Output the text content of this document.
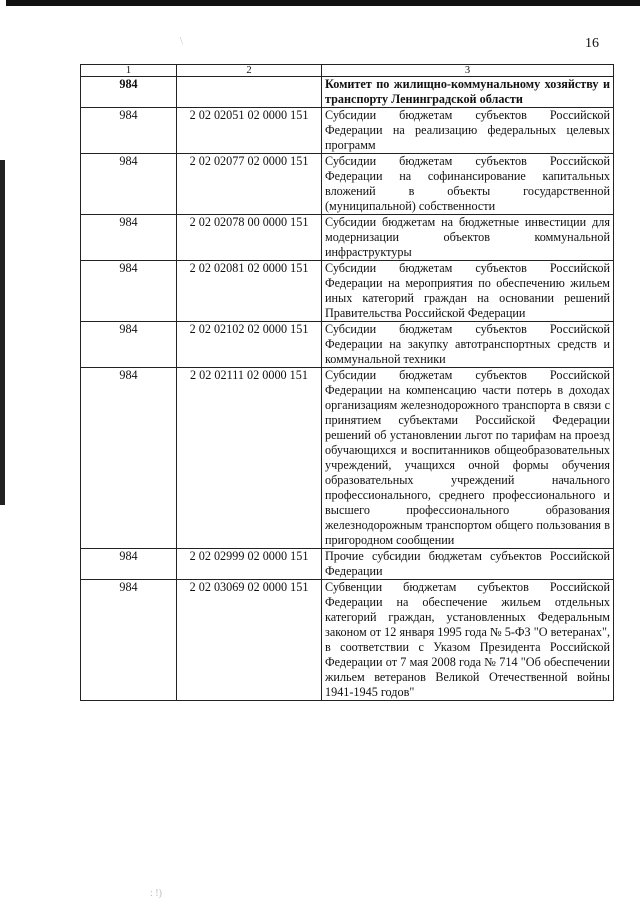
16
\
: !)
1	2	3
984		Комитет по жилищно-коммунальному хозяйству и транспорту Ленинградской области
984	2 02 02051 02 0000 151	Субсидии бюджетам субъектов Российской Федерации на реализацию федеральных целевых программ
984	2 02 02077 02 0000 151	Субсидии бюджетам субъектов Российской Федерации на софинансирование капитальных вложений в объекты государственной (муниципальной) собственности
984	2 02 02078 00 0000 151	Субсидии бюджетам на бюджетные инвестиции для модернизации объектов коммунальной инфраструктуры
984	2 02 02081 02 0000 151	Субсидии бюджетам субъектов Российской Федерации на мероприятия по обеспечению жильем иных категорий граждан на основании решений Правительства Российской Федерации
984	2 02 02102 02 0000 151	Субсидии бюджетам субъектов Российской Федерации на закупку автотранспортных средств и коммунальной техники
984	2 02 02111 02 0000 151	Субсидии бюджетам субъектов Российской Федерации на компенсацию части потерь в доходах организациям железнодорожного транспорта в связи с принятием субъектами Российской Федерации решений об установлении льгот по тарифам на проезд обучающихся и воспитанников общеобразовательных учреждений, учащихся очной формы обучения образовательных учреждений начального профессионального, среднего профессионального и высшего профессионального образования железнодорожным транспортом общего пользования в пригородном сообщении
984	2 02 02999 02 0000 151	Прочие субсидии бюджетам субъектов Российской Федерации
984	2 02 03069 02 0000 151	Субвенции бюджетам субъектов Российской Федерации на обеспечение жильем отдельных категорий граждан, установленных Федеральным законом от 12 января 1995 года № 5-ФЗ "О ветеранах", в соответствии с Указом Президента Российской Федерации от 7 мая 2008 года № 714 "Об обеспечении жильем ветеранов Великой Отечественной войны 1941-1945 годов"
